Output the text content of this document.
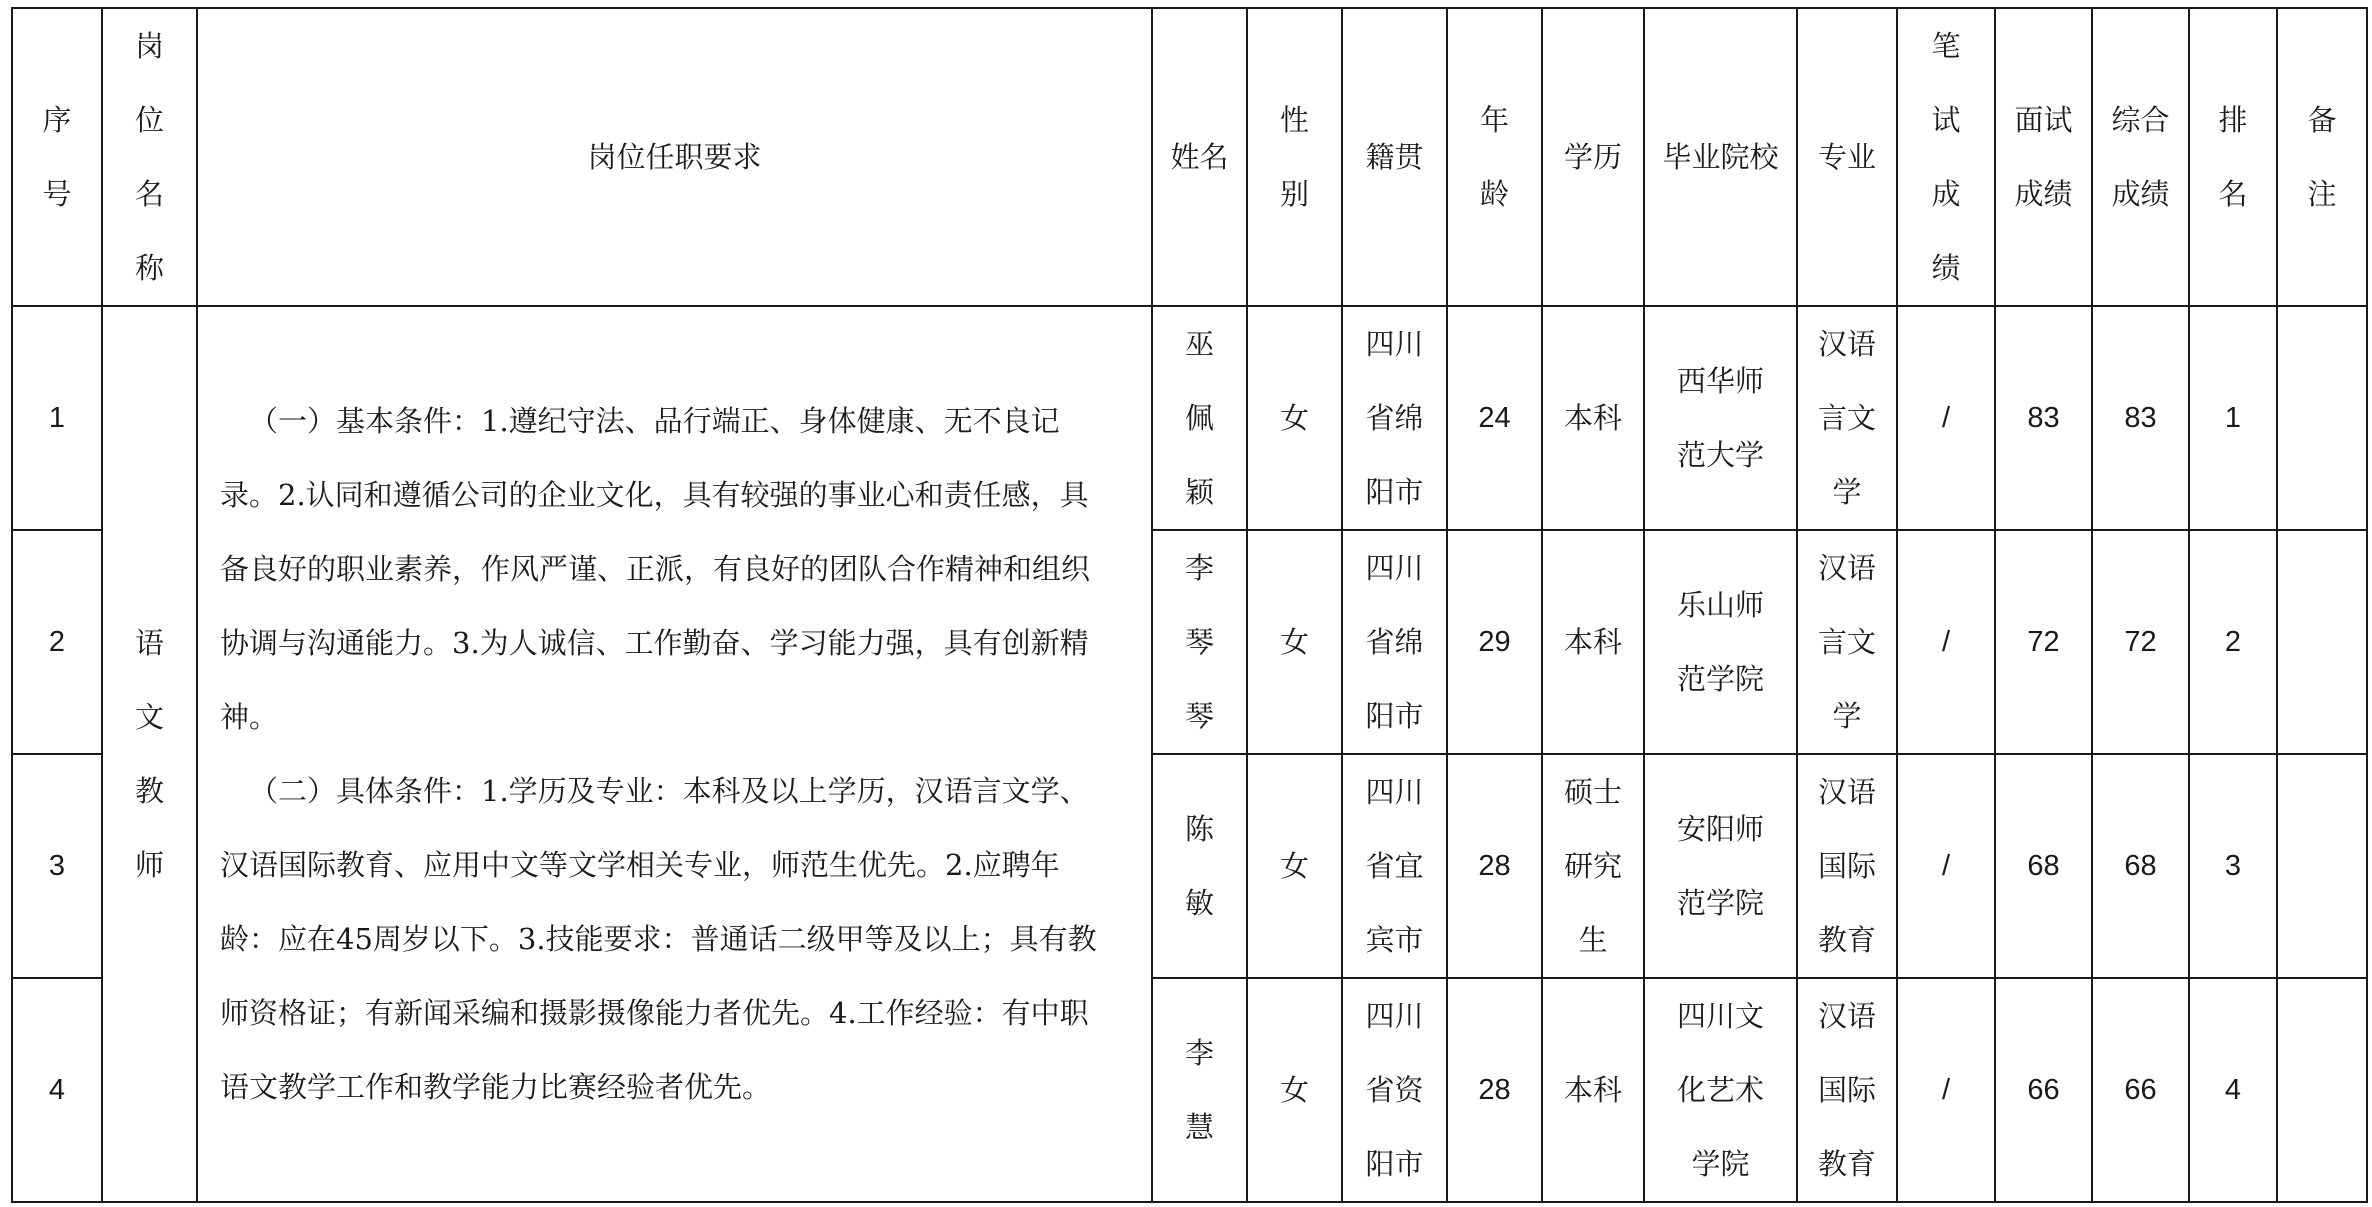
序号	岗位名称	岗位任职要求	姓名	性别	籍贯	年龄	学历	毕业院校	专业	笔试成绩	面试成绩	综合成绩	排名	备注
1	语文教师	（一）基本条件：1.遵纪守法、品行端正、身体健康、无不良记录。2.认同和遵循公司的企业文化，具有较强的事业心和责任感，具备良好的职业素养，作风严谨、正派，有良好的团队合作精神和组织协调与沟通能力。3.为人诚信、工作勤奋、学习能力强，具有创新精神。

（二）具体条件：1.学历及专业：本科及以上学历，汉语言文学、汉语国际教育、应用中文等文学相关专业，师范生优先。2.应聘年龄：应在45周岁以下。3.技能要求：普通话二级甲等及以上；具有教师资格证；有新闻采编和摄影摄像能力者优先。4.工作经验：有中职语文教学工作和教学能力比赛经验者优先。	巫佩颖	女	四川省绵阳市	24	本科	西华师范大学	汉语言文学	/	83	83	1	
2			李琴琴	女	四川省绵阳市	29	本科	乐山师范学院	汉语言文学	/	72	72	2	
3			陈敏	女	四川省宜宾市	28	硕士研究生	安阳师范学院	汉语国际教育	/	68	68	3	
4			李慧	女	四川省资阳市	28	本科	四川文化艺术学院	汉语国际教育	/	66	66	4	
